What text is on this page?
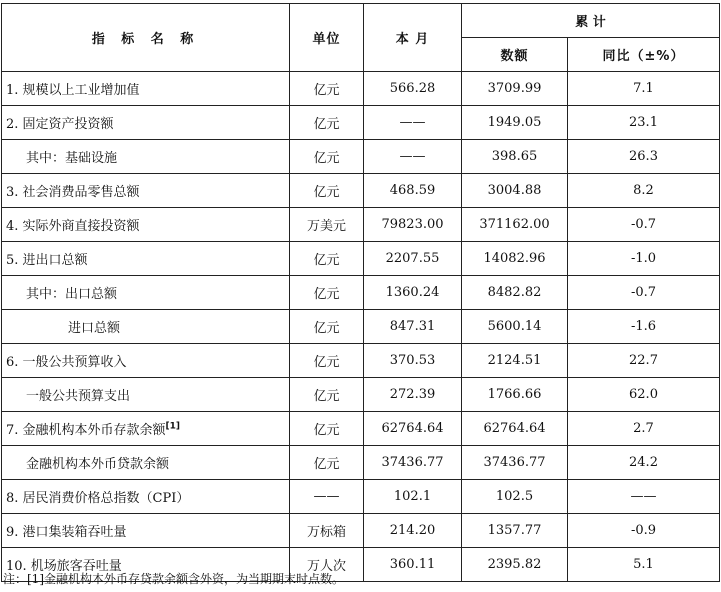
指 标 名 称	单位	本 月	累 计	
			数额	同比（±%）
1. 规模以上工业增加值	亿元	566.28	3709.99	7.1
2. 固定资产投资额	亿元	——	1949.05	23.1
其中：基础设施	亿元	——	398.65	26.3
3. 社会消费品零售总额	亿元	468.59	3004.88	8.2
4. 实际外商直接投资额	万美元	79823.00	371162.00	-0.7
5. 进出口总额	亿元	2207.55	14082.96	-1.0
其中：出口总额	亿元	1360.24	8482.82	-0.7
进口总额	亿元	847.31	5600.14	-1.6
6. 一般公共预算收入	亿元	370.53	2124.51	22.7
一般公共预算支出	亿元	272.39	1766.66	62.0
7. 金融机构本外币存款余额[1]	亿元	62764.64	62764.64	2.7
金融机构本外币贷款余额	亿元	37436.77	37436.77	24.2
8. 居民消费价格总指数（CPI）	——	102.1	102.5	——
9. 港口集装箱吞吐量	万标箱	214.20	1357.77	-0.9
10. 机场旅客吞吐量	万人次	360.11	2395.82	5.1
注：[1]金融机构本外币存贷款余额含外资，为当期期末时点数。
